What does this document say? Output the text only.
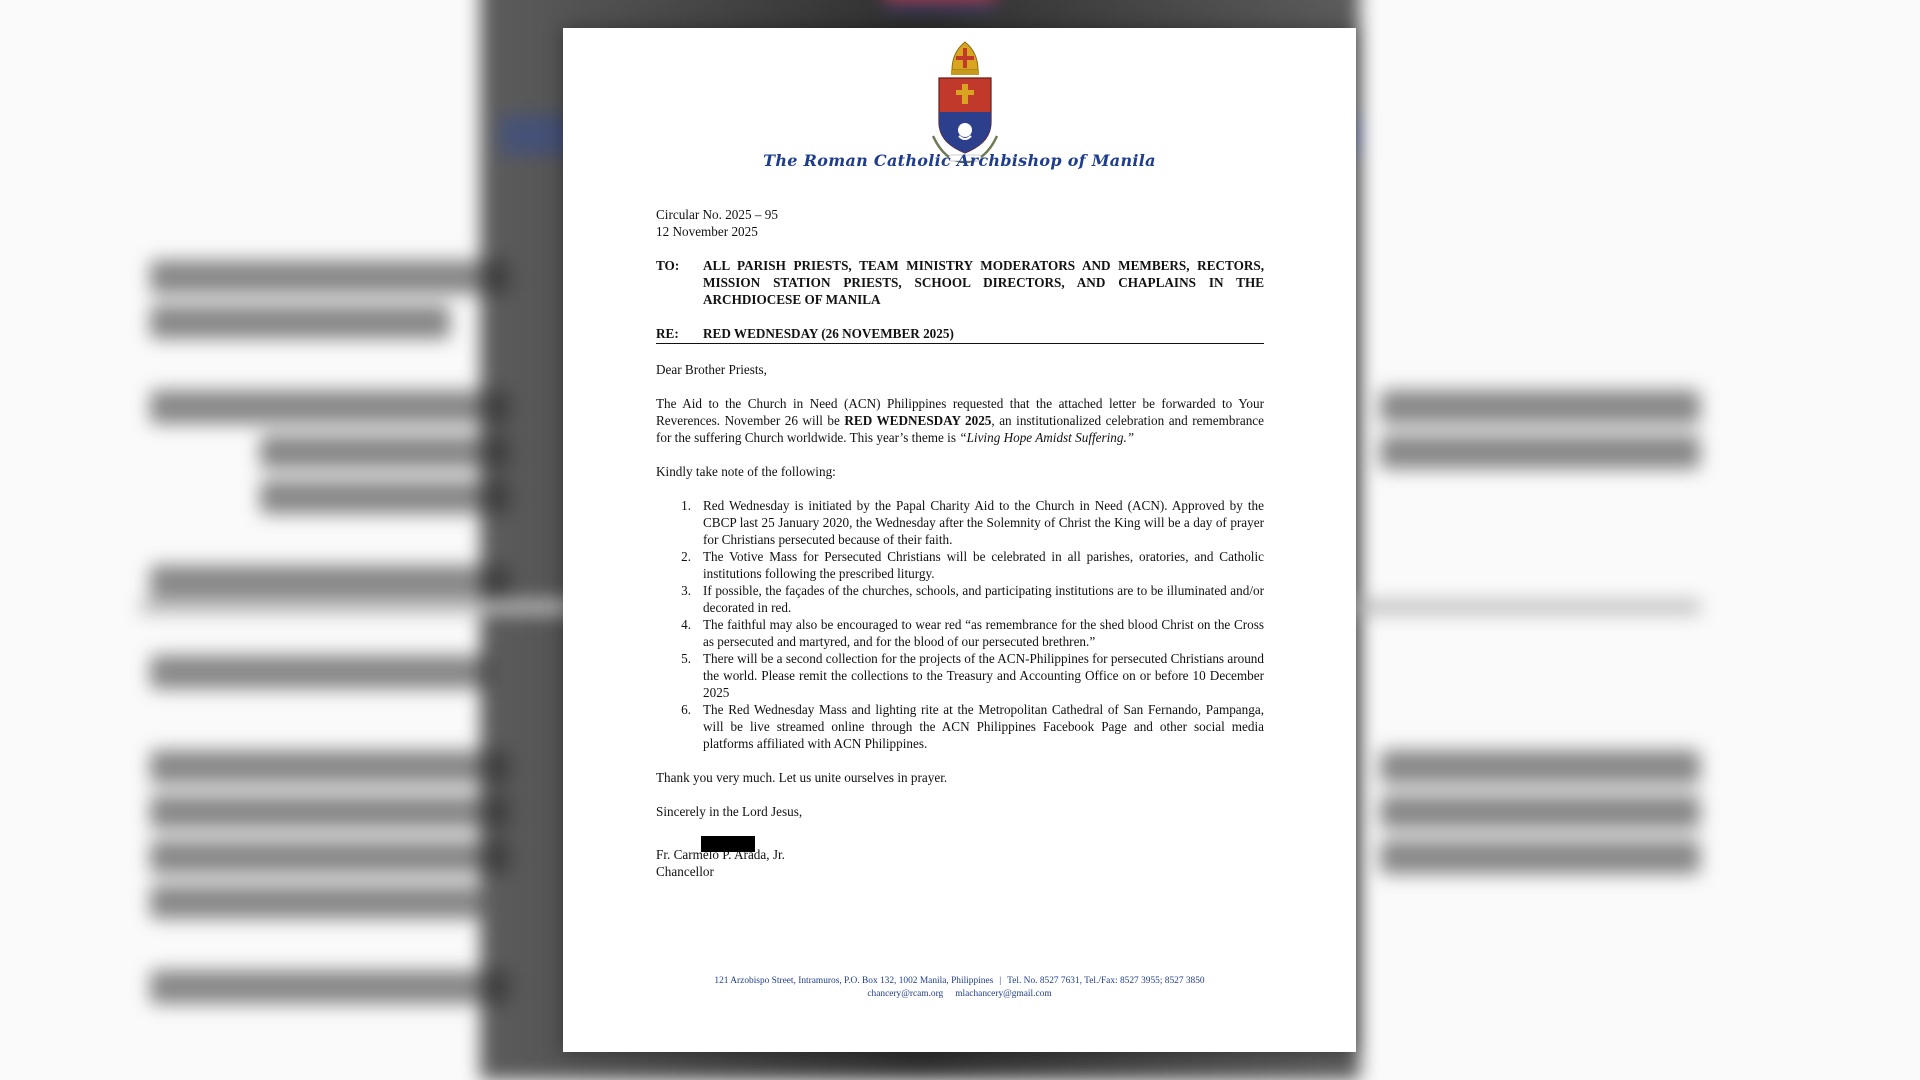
The Roman Catholic Archbishop of Manila
Circular No. 2025 – 95
12 November 2025
TO:	ALL PARISH PRIESTS, TEAM MINISTRY MODERATORS AND MEMBERS, RECTORS, MISSION STATION PRIESTS, SCHOOL DIRECTORS, AND CHAPLAINS IN THE ARCHDIOCESE OF MANILA
RE:	RED WEDNESDAY (26 NOVEMBER 2025)

Dear Brother Priests,

The Aid to the Church in Need (ACN) Philippines requested that the attached letter be forwarded to Your Reverences. November 26 will be RED WEDNESDAY 2025, an institutionalized celebration and remembrance for the suffering Church worldwide. This year’s theme is “Living Hope Amidst Suffering.”

Kindly take note of the following:

1. Red Wednesday is initiated by the Papal Charity Aid to the Church in Need (ACN). Approved by the CBCP last 25 January 2020, the Wednesday after the Solemnity of Christ the King will be a day of prayer for Christians persecuted because of their faith.
2. The Votive Mass for Persecuted Christians will be celebrated in all parishes, oratories, and Catholic institutions following the prescribed liturgy.
3. If possible, the façades of the churches, schools, and participating institutions are to be illuminated and/or decorated in red.
4. The faithful may also be encouraged to wear red “as remembrance for the shed blood Christ on the Cross as persecuted and martyred, and for the blood of our persecuted brethren.”
5. There will be a second collection for the projects of the ACN-Philippines for persecuted Christians around the world. Please remit the collections to the Treasury and Accounting Office on or before 10 December 2025
6. The Red Wednesday Mass and lighting rite at the Metropolitan Cathedral of San Fernando, Pampanga, will be live streamed online through the ACN Philippines Facebook Page and other social media platforms affiliated with ACN Philippines.

Thank you very much. Let us unite ourselves in prayer.

Sincerely in the Lord Jesus,

Fr. Carmelo P. Arada, Jr.
Chancellor
121 Arzobispo Street, Intramuros, P.O. Box 132, 1002 Manila, Philippines | Tel. No. 8527 7631, Tel./Fax: 8527 3955; 8527 3850
chancery@rcam.org mlachancery@gmail.com
